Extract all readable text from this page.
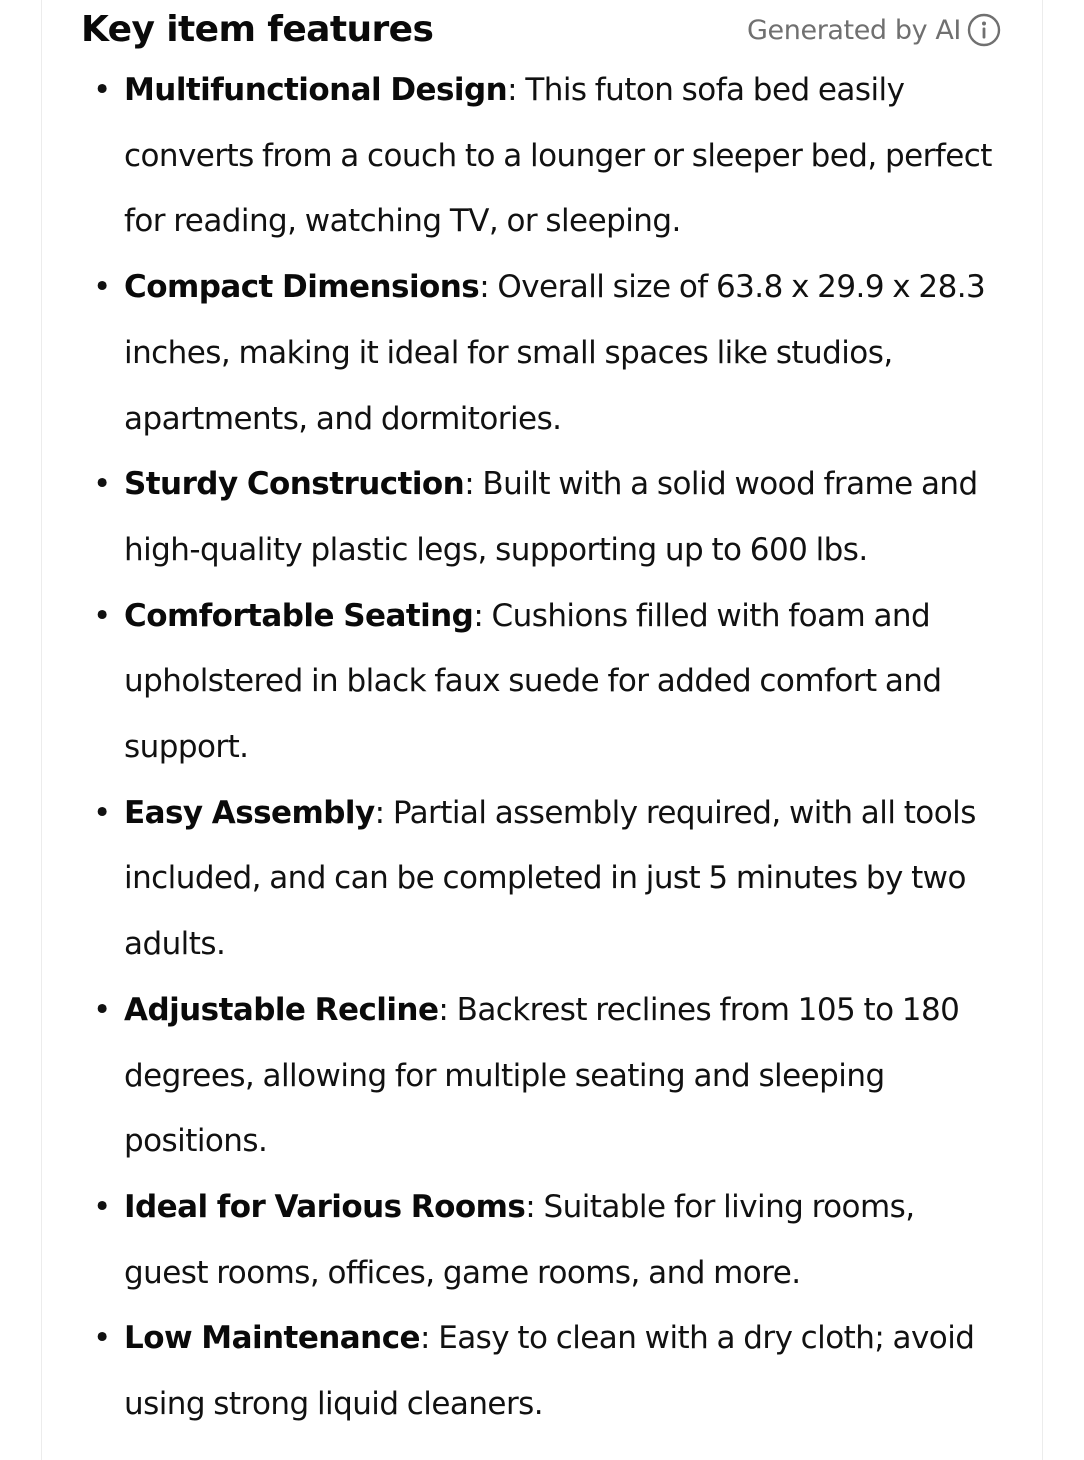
Key item features	Generated by AI
• Multifunctional Design: This futon sofa bed easily converts from a couch to a lounger or sleeper bed, perfect for reading, watching TV, or sleeping.
• Compact Dimensions: Overall size of 63.8 x 29.9 x 28.3 inches, making it ideal for small spaces like studios, apartments, and dormitories.
• Sturdy Construction: Built with a solid wood frame and high-quality plastic legs, supporting up to 600 lbs.
• Comfortable Seating: Cushions filled with foam and upholstered in black faux suede for added comfort and support.
• Easy Assembly: Partial assembly required, with all tools included, and can be completed in just 5 minutes by two adults.
• Adjustable Recline: Backrest reclines from 105 to 180 degrees, allowing for multiple seating and sleeping positions.
• Ideal for Various Rooms: Suitable for living rooms, guest rooms, offices, game rooms, and more.
• Low Maintenance: Easy to clean with a dry cloth; avoid using strong liquid cleaners.
